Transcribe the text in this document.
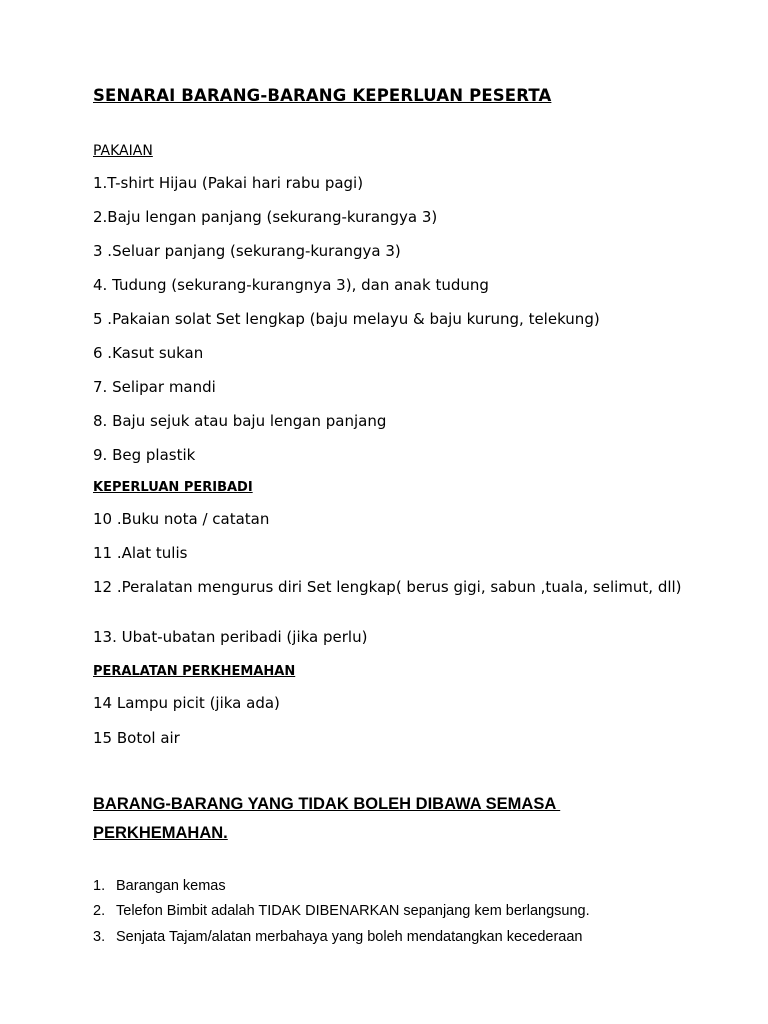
SENARAI BARANG-BARANG KEPERLUAN PESERTA
PAKAIAN
1.T-shirt Hijau (Pakai hari rabu pagi)
2.Baju lengan panjang (sekurang-kurangya 3)
3 .Seluar panjang (sekurang-kurangya 3)
4. Tudung (sekurang-kurangnya 3), dan anak tudung
5 .Pakaian solat Set lengkap (baju melayu & baju kurung, telekung)
6 .Kasut sukan
7. Selipar mandi
8. Baju sejuk atau baju lengan panjang
9. Beg plastik
KEPERLUAN PERIBADI
10 .Buku nota / catatan
11 .Alat tulis
12 .Peralatan mengurus diri Set lengkap( berus gigi, sabun ,tuala, selimut, dll)
13. Ubat-ubatan peribadi (jika perlu)
PERALATAN PERKHEMAHAN
14 Lampu picit (jika ada)
15 Botol air
BARANG-BARANG YANG TIDAK BOLEH DIBAWA SEMASA
PERKHEMAHAN.
1. Barangan kemas
2. Telefon Bimbit adalah TIDAK DIBENARKAN sepanjang kem berlangsung.
3. Senjata Tajam/alatan merbahaya yang boleh mendatangkan kecederaan
